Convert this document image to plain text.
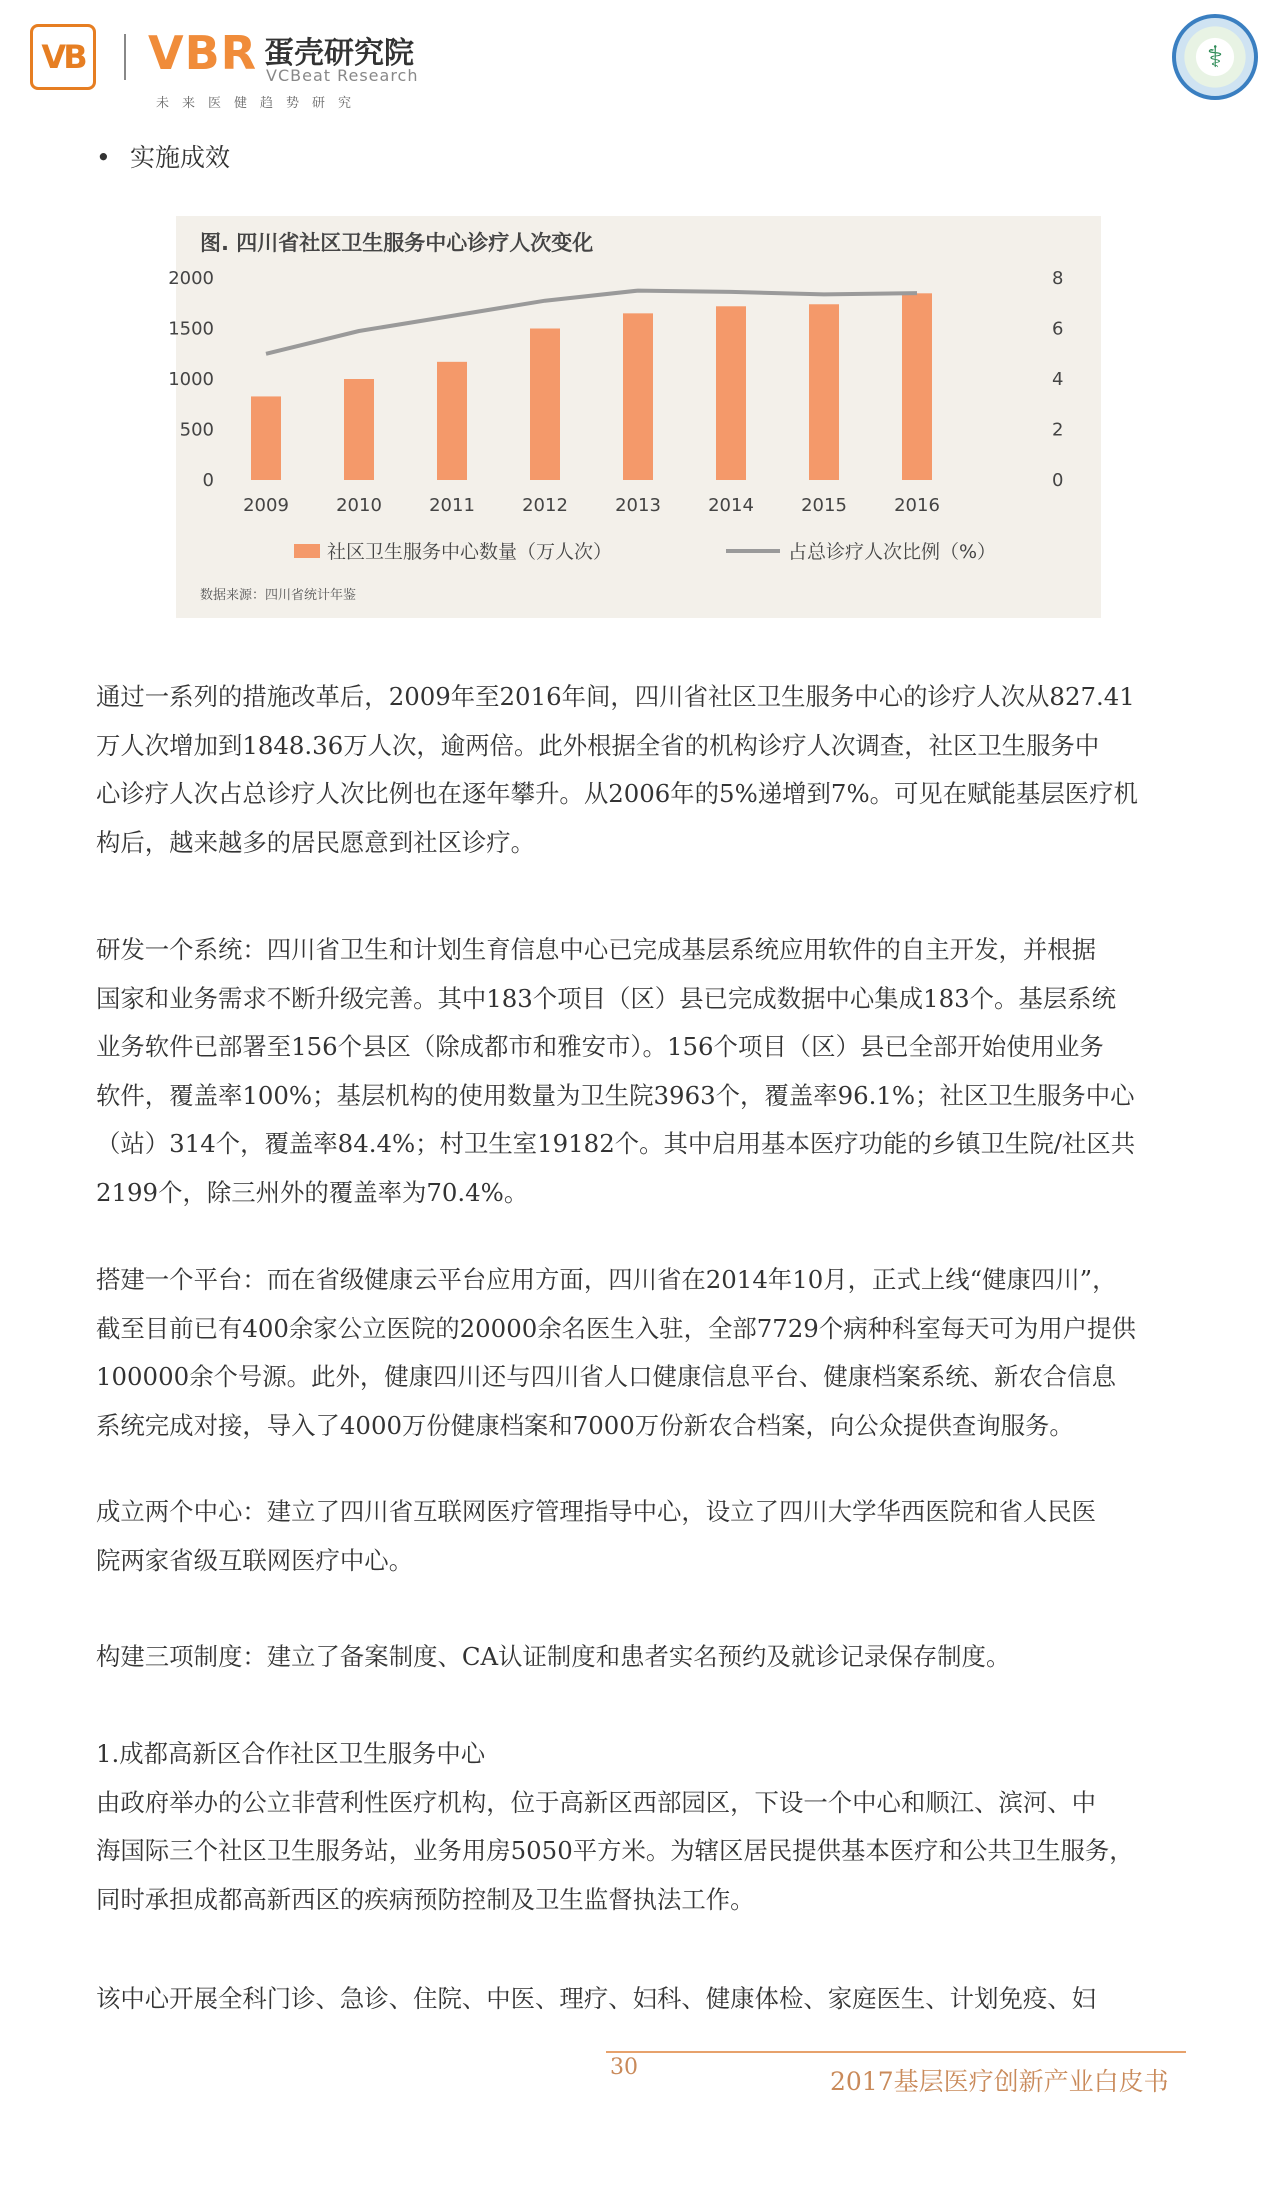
VB VBR 蛋壳研究院
VCBeat Research
未来医健趋势研究
⚕
• 实施成效
图. 四川省社区卫生服务中心诊疗人次变化
0
500
1000
1500
2000
0
2
4
6
8
2009	2010	2011	2012	2013	2014	2015	2016
社区卫生服务中心数量（万人次）	占总诊疗人次比例（%）
数据来源：四川省统计年鉴

通过一系列的措施改革后，2009年至2016年间，四川省社区卫生服务中心的诊疗人次从827.41
万人次增加到1848.36万人次，逾两倍。此外根据全省的机构诊疗人次调查，社区卫生服务中
心诊疗人次占总诊疗人次比例也在逐年攀升。从2006年的5%递增到7%。可见在赋能基层医疗机
构后，越来越多的居民愿意到社区诊疗。

研发一个系统：四川省卫生和计划生育信息中心已完成基层系统应用软件的自主开发，并根据
国家和业务需求不断升级完善。其中183个项目（区）县已完成数据中心集成183个。基层系统
业务软件已部署至156个县区（除成都市和雅安市）。156个项目（区）县已全部开始使用业务
软件，覆盖率100%；基层机构的使用数量为卫生院3963个，覆盖率96.1%；社区卫生服务中心
（站）314个，覆盖率84.4%；村卫生室19182个。其中启用基本医疗功能的乡镇卫生院/社区共
2199个，除三州外的覆盖率为70.4%。

搭建一个平台：而在省级健康云平台应用方面，四川省在2014年10月，正式上线“健康四川”，
截至目前已有400余家公立医院的20000余名医生入驻，全部7729个病种科室每天可为用户提供
100000余个号源。此外，健康四川还与四川省人口健康信息平台、健康档案系统、新农合信息
系统完成对接，导入了4000万份健康档案和7000万份新农合档案，向公众提供查询服务。

成立两个中心：建立了四川省互联网医疗管理指导中心，设立了四川大学华西医院和省人民医
院两家省级互联网医疗中心。

构建三项制度：建立了备案制度、CA认证制度和患者实名预约及就诊记录保存制度。

1.成都高新区合作社区卫生服务中心
由政府举办的公立非营利性医疗机构，位于高新区西部园区，下设一个中心和顺江、滨河、中
海国际三个社区卫生服务站，业务用房5050平方米。为辖区居民提供基本医疗和公共卫生服务，
同时承担成都高新西区的疾病预防控制及卫生监督执法工作。

该中心开展全科门诊、急诊、住院、中医、理疗、妇科、健康体检、家庭医生、计划免疫、妇

30	2017基层医疗创新产业白皮书
